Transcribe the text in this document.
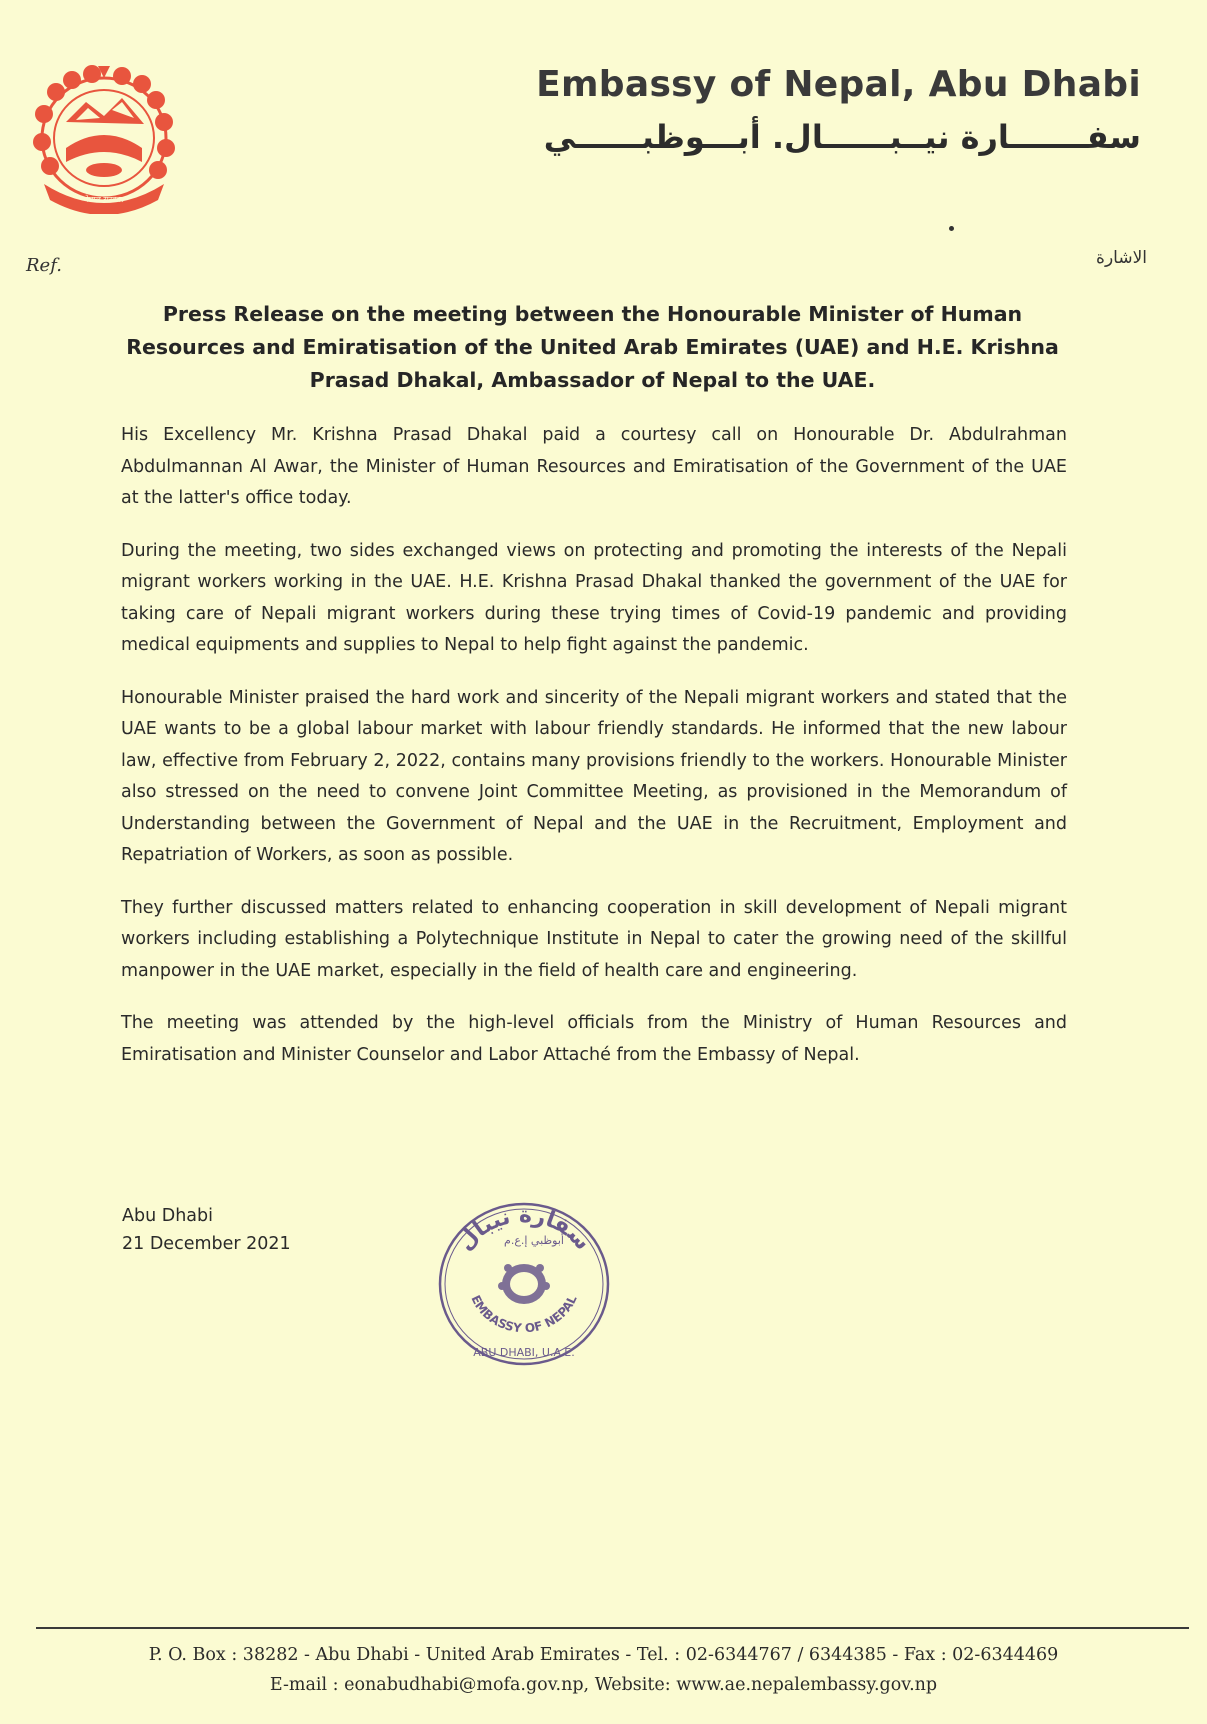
नेपाल सरकार
Embassy of Nepal, Abu Dhabi
سفـــــــارة نيــبــــــال. أبـــوظبــــــي
Ref.	الاشارة
Press Release on the meeting between the Honourable Minister of Human Resources and Emiratisation of the United Arab Emirates (UAE) and H.E. Krishna Prasad Dhakal, Ambassador of Nepal to the UAE.

His Excellency Mr. Krishna Prasad Dhakal paid a courtesy call on Honourable Dr. Abdulrahman Abdulmannan Al Awar, the Minister of Human Resources and Emiratisation of the Government of the UAE at the latter's office today.

During the meeting, two sides exchanged views on protecting and promoting the interests of the Nepali migrant workers working in the UAE. H.E. Krishna Prasad Dhakal thanked the government of the UAE for taking care of Nepali migrant workers during these trying times of Covid-19 pandemic and providing medical equipments and supplies to Nepal to help fight against the pandemic.

Honourable Minister praised the hard work and sincerity of the Nepali migrant workers and stated that the UAE wants to be a global labour market with labour friendly standards. He informed that the new labour law, effective from February 2, 2022, contains many provisions friendly to the workers. Honourable Minister also stressed on the need to convene Joint Committee Meeting, as provisioned in the Memorandum of Understanding between the Government of Nepal and the UAE in the Recruitment, Employment and Repatriation of Workers, as soon as possible.

They further discussed matters related to enhancing cooperation in skill development of Nepali migrant workers including establishing a Polytechnique Institute in Nepal to cater the growing need of the skillful manpower in the UAE market, especially in the field of health care and engineering.

The meeting was attended by the high-level officials from the Ministry of Human Resources and Emiratisation and Minister Counselor and Labor Attaché from the Embassy of Nepal.

Abu Dhabi
21 December 2021	سفارة نيبال
أبوظبي إ.ع.م
EMBASSY OF NEPAL
ABU DHABI, U.A.E.
P. O. Box : 38282 - Abu Dhabi - United Arab Emirates - Tel. : 02-6344767 / 6344385 - Fax : 02-6344469
E-mail : eonabudhabi@mofa.gov.np, Website: www.ae.nepalembassy.gov.np
